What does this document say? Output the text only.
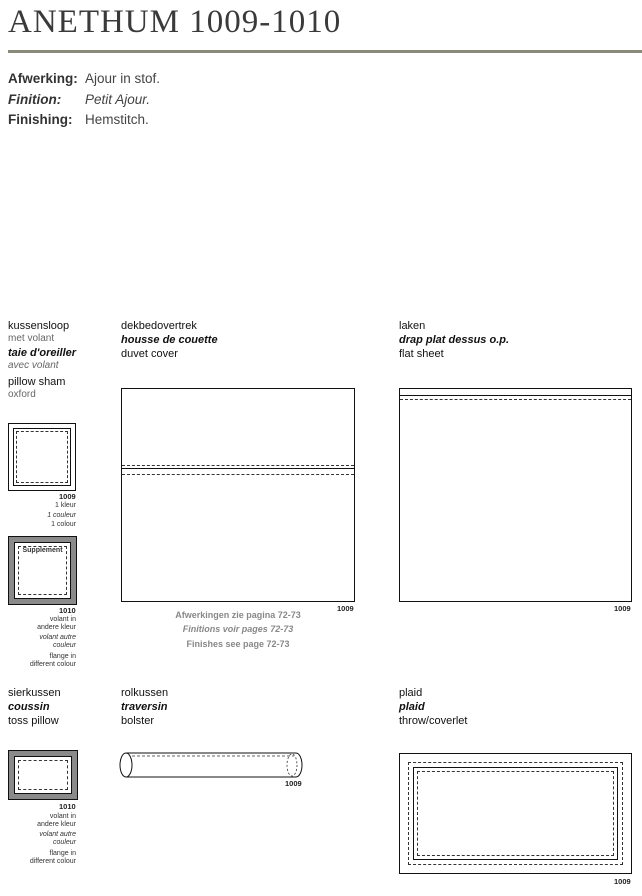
ANETHUM 1009-1010
Afwerking: Ajour in stof.
Finition: Petit Ajour.
Finishing: Hemstitch.
kussensloop
met volant
taie d'oreiller
avec volant
pillow sham
oxford
1009
1 kleur
1 couleur
1 colour
Supplement
1010
volant in
andere kleur
volant autre
couleur
flange in
different colour
dekbedovertrek
housse de couette
duvet cover
1009
Afwerkingen zie pagina 72-73
Finitions voir pages 72-73
Finishes see page 72-73
laken
drap plat dessus o.p.
flat sheet
1009
sierkussen
coussin
toss pillow
1010
volant in
andere kleur
volant autre
couleur
flange in
different colour
rolkussen
traversin
bolster
1009
plaid
plaid
throw/coverlet
1009
